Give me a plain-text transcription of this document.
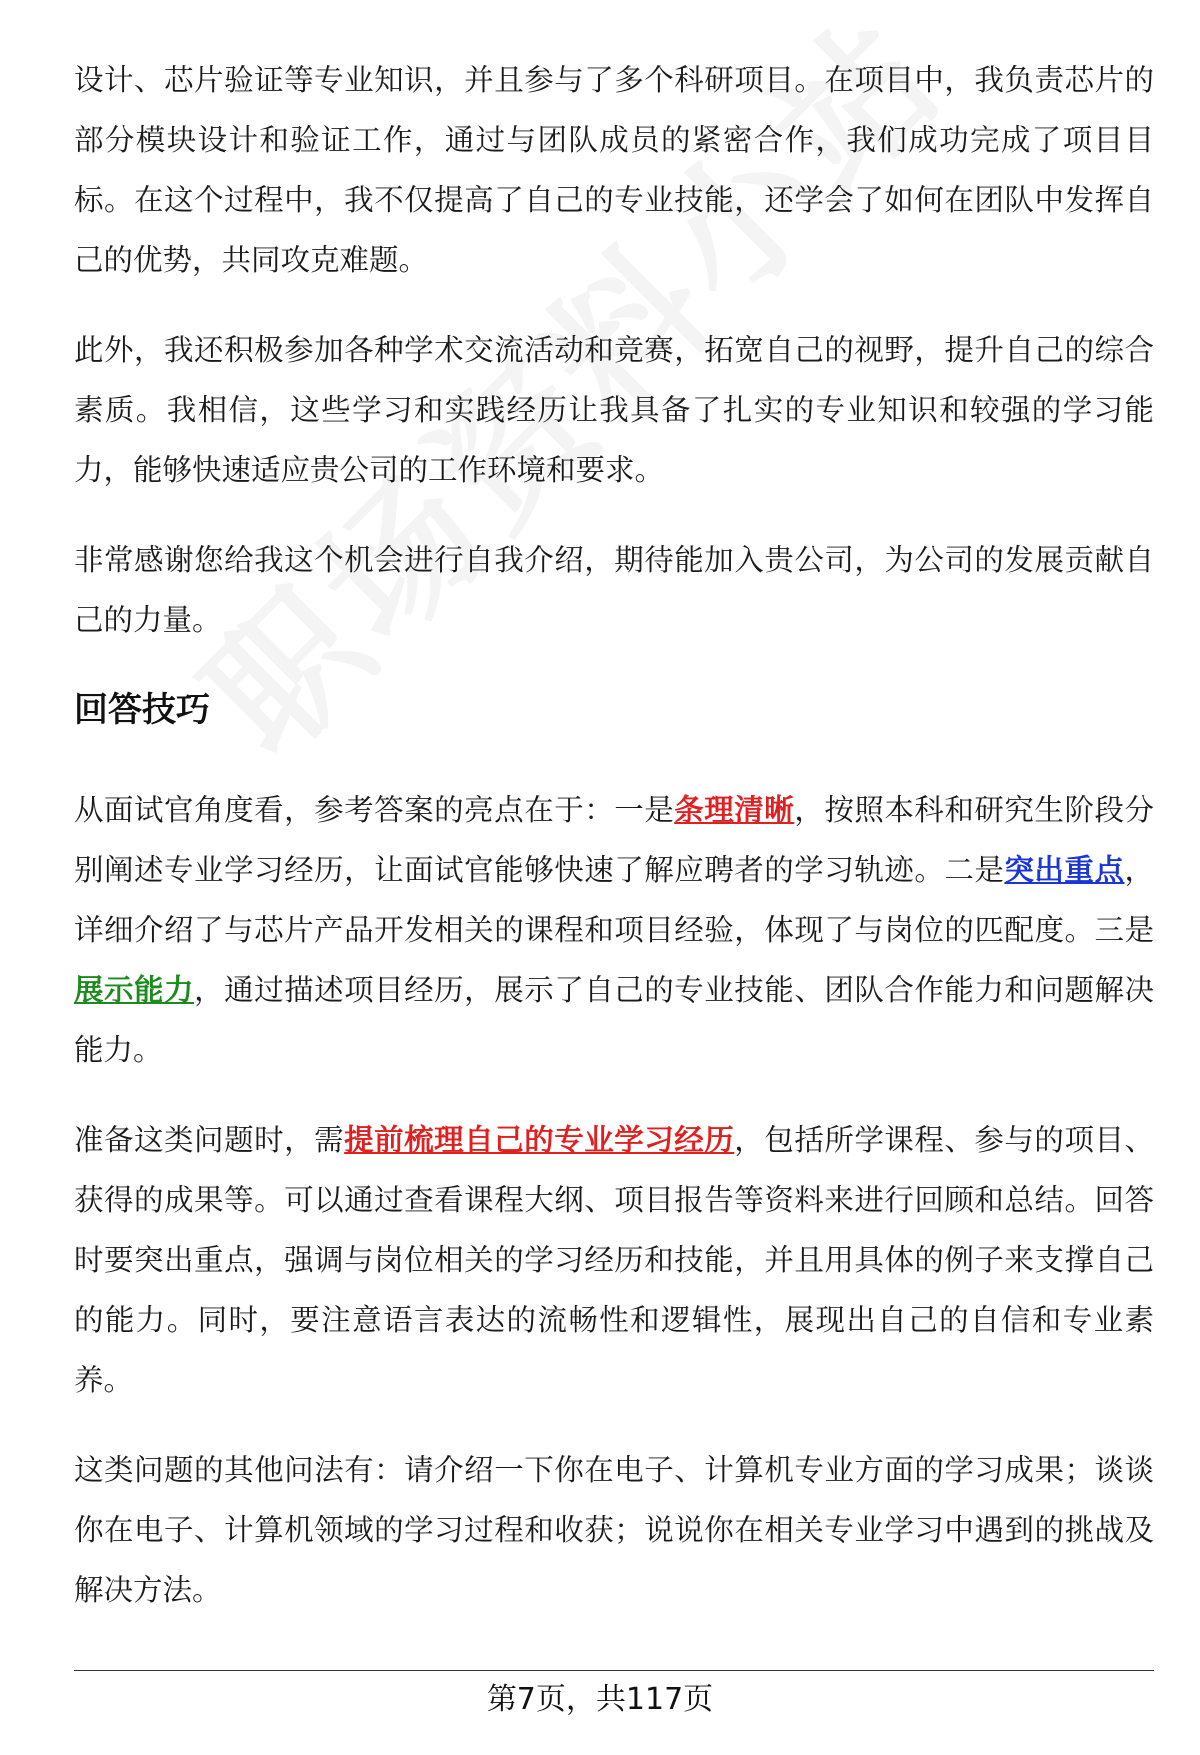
设计、芯片验证等专业知识，并且参与了多个科研项目。在项目中，我负责芯片的部分模块设计和验证工作，通过与团队成员的紧密合作，我们成功完成了项目目标。在这个过程中，我不仅提高了自己的专业技能，还学会了如何在团队中发挥自己的优势，共同攻克难题。

此外，我还积极参加各种学术交流活动和竞赛，拓宽自己的视野，提升自己的综合素质。我相信，这些学习和实践经历让我具备了扎实的专业知识和较强的学习能力，能够快速适应贵公司的工作环境和要求。

非常感谢您给我这个机会进行自我介绍，期待能加入贵公司，为公司的发展贡献自己的力量。

回答技巧

从面试官角度看，参考答案的亮点在于：一是条理清晰，按照本科和研究生阶段分别阐述专业学习经历，让面试官能够快速了解应聘者的学习轨迹。二是突出重点，详细介绍了与芯片产品开发相关的课程和项目经验，体现了与岗位的匹配度。三是展示能力，通过描述项目经历，展示了自己的专业技能、团队合作能力和问题解决能力。

准备这类问题时，需提前梳理自己的专业学习经历，包括所学课程、参与的项目、获得的成果等。可以通过查看课程大纲、项目报告等资料来进行回顾和总结。回答时要突出重点，强调与岗位相关的学习经历和技能，并且用具体的例子来支撑自己的能力。同时，要注意语言表达的流畅性和逻辑性，展现出自己的自信和专业素养。

这类问题的其他问法有：请介绍一下你在电子、计算机专业方面的学习成果；谈谈你在电子、计算机领域的学习过程和收获；说说你在相关专业学习中遇到的挑战及解决方法。

第7页，共117页
